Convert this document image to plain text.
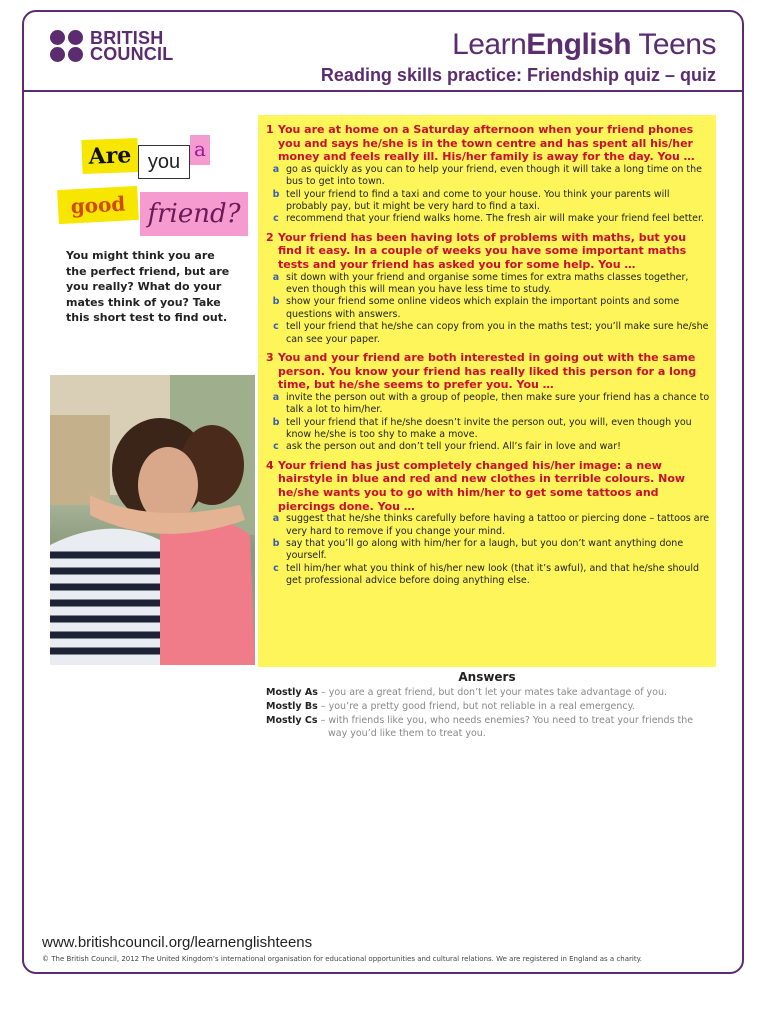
BRITISH
COUNCIL	LearnEnglish Teens
Reading skills practice: Friendship quiz – quiz
Are you
a
good friend?
You might think you are the perfect friend, but are you really? What do your mates think of you? Take this short test to find out.
1 You are at home on a Saturday afternoon when your friend phones you and says he/she is in the town centre and has spent all his/her money and feels really ill. His/her family is away for the day. You …
a go as quickly as you can to help your friend, even though it will take a long time on the bus to get into town.
b tell your friend to find a taxi and come to your house. You think your parents will probably pay, but it might be very hard to find a taxi.
c recommend that your friend walks home. The fresh air will make your friend feel better.
2 Your friend has been having lots of problems with maths, but you find it easy. In a couple of weeks you have some important maths tests and your friend has asked you for some help. You …
a sit down with your friend and organise some times for extra maths classes together, even though this will mean you have less time to study.
b show your friend some online videos which explain the important points and some questions with answers.
c tell your friend that he/she can copy from you in the maths test; you’ll make sure he/she can see your paper.
3 You and your friend are both interested in going out with the same person. You know your friend has really liked this person for a long time, but he/she seems to prefer you. You …
a invite the person out with a group of people, then make sure your friend has a chance to talk a lot to him/her.
b tell your friend that if he/she doesn’t invite the person out, you will, even though you know he/she is too shy to make a move.
c ask the person out and don’t tell your friend. All’s fair in love and war!
4 Your friend has just completely changed his/her image: a new hairstyle in blue and red and new clothes in terrible colours. Now he/she wants you to go with him/her to get some tattoos and piercings done. You …
a suggest that he/she thinks carefully before having a tattoo or piercing done – tattoos are very hard to remove if you change your mind.
b say that you’ll go along with him/her for a laugh, but you don’t want anything done yourself.
c tell him/her what you think of his/her new look (that it’s awful), and that he/she should get professional advice before doing anything else.
Answers
Mostly As – you are a great friend, but don’t let your mates take advantage of you.
Mostly Bs – you’re a pretty good friend, but not reliable in a real emergency.
Mostly Cs – with friends like you, who needs enemies? You need to treat your friends the
way you’d like them to treat you.
www.britishcouncil.org/learnenglishteens
© The British Council, 2012 The United Kingdom’s international organisation for educational opportunities and cultural relations. We are registered in England as a charity.
